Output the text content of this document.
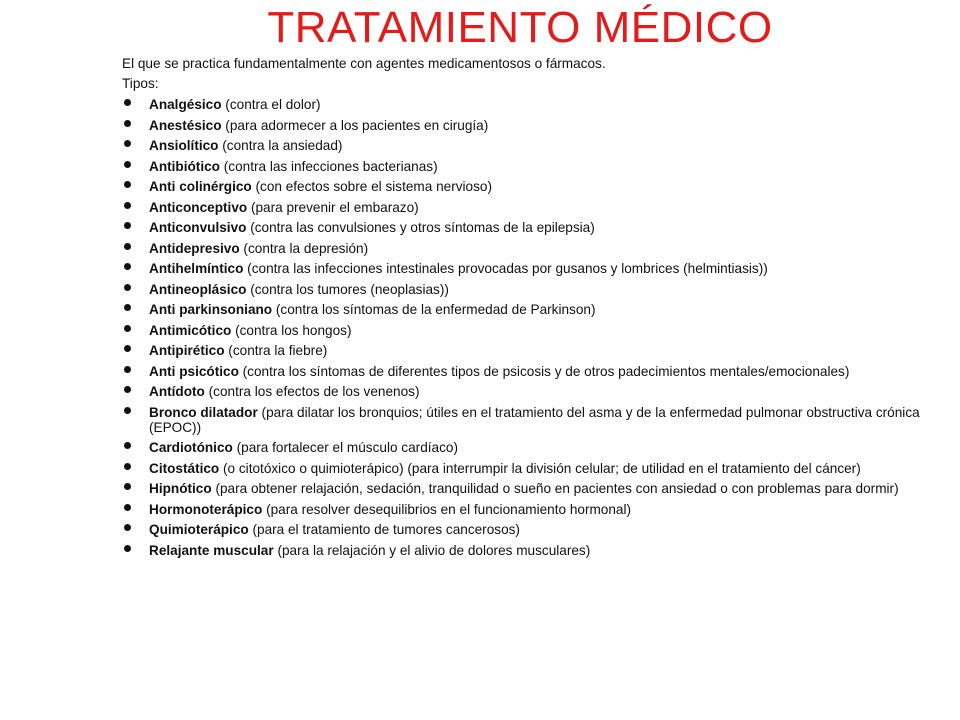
TRATAMIENTO MÉDICO

El que se practica fundamentalmente con agentes medicamentosos o fármacos.

Tipos:

Analgésico (contra el dolor)
Anestésico (para adormecer a los pacientes en cirugía)
Ansiolítico (contra la ansiedad)
Antibiótico (contra las infecciones bacterianas)
Anti colinérgico (con efectos sobre el sistema nervioso)
Anticonceptivo (para prevenir el embarazo)
Anticonvulsivo (contra las convulsiones y otros síntomas de la epilepsia)
Antidepresivo (contra la depresión)
Antihelmíntico (contra las infecciones intestinales provocadas por gusanos y lombrices (helmintiasis))
Antineoplásico (contra los tumores (neoplasias))
Anti parkinsoniano (contra los síntomas de la enfermedad de Parkinson)
Antimicótico (contra los hongos)
Antipirético (contra la fiebre)
Anti psicótico (contra los síntomas de diferentes tipos de psicosis y de otros padecimientos mentales/emocionales)
Antídoto (contra los efectos de los venenos)
Bronco dilatador (para dilatar los bronquios; útiles en el tratamiento del asma y de la enfermedad pulmonar obstructiva crónica (EPOC))
Cardiotónico (para fortalecer el músculo cardíaco)
Citostático (o citotóxico o quimioterápico) (para interrumpir la división celular; de utilidad en el tratamiento del cáncer)
Hipnótico (para obtener relajación, sedación, tranquilidad o sueño en pacientes con ansiedad o con problemas para dormir)
Hormonoterápico (para resolver desequilibrios en el funcionamiento hormonal)
Quimioterápico (para el tratamiento de tumores cancerosos)
Relajante muscular (para la relajación y el alivio de dolores musculares)
